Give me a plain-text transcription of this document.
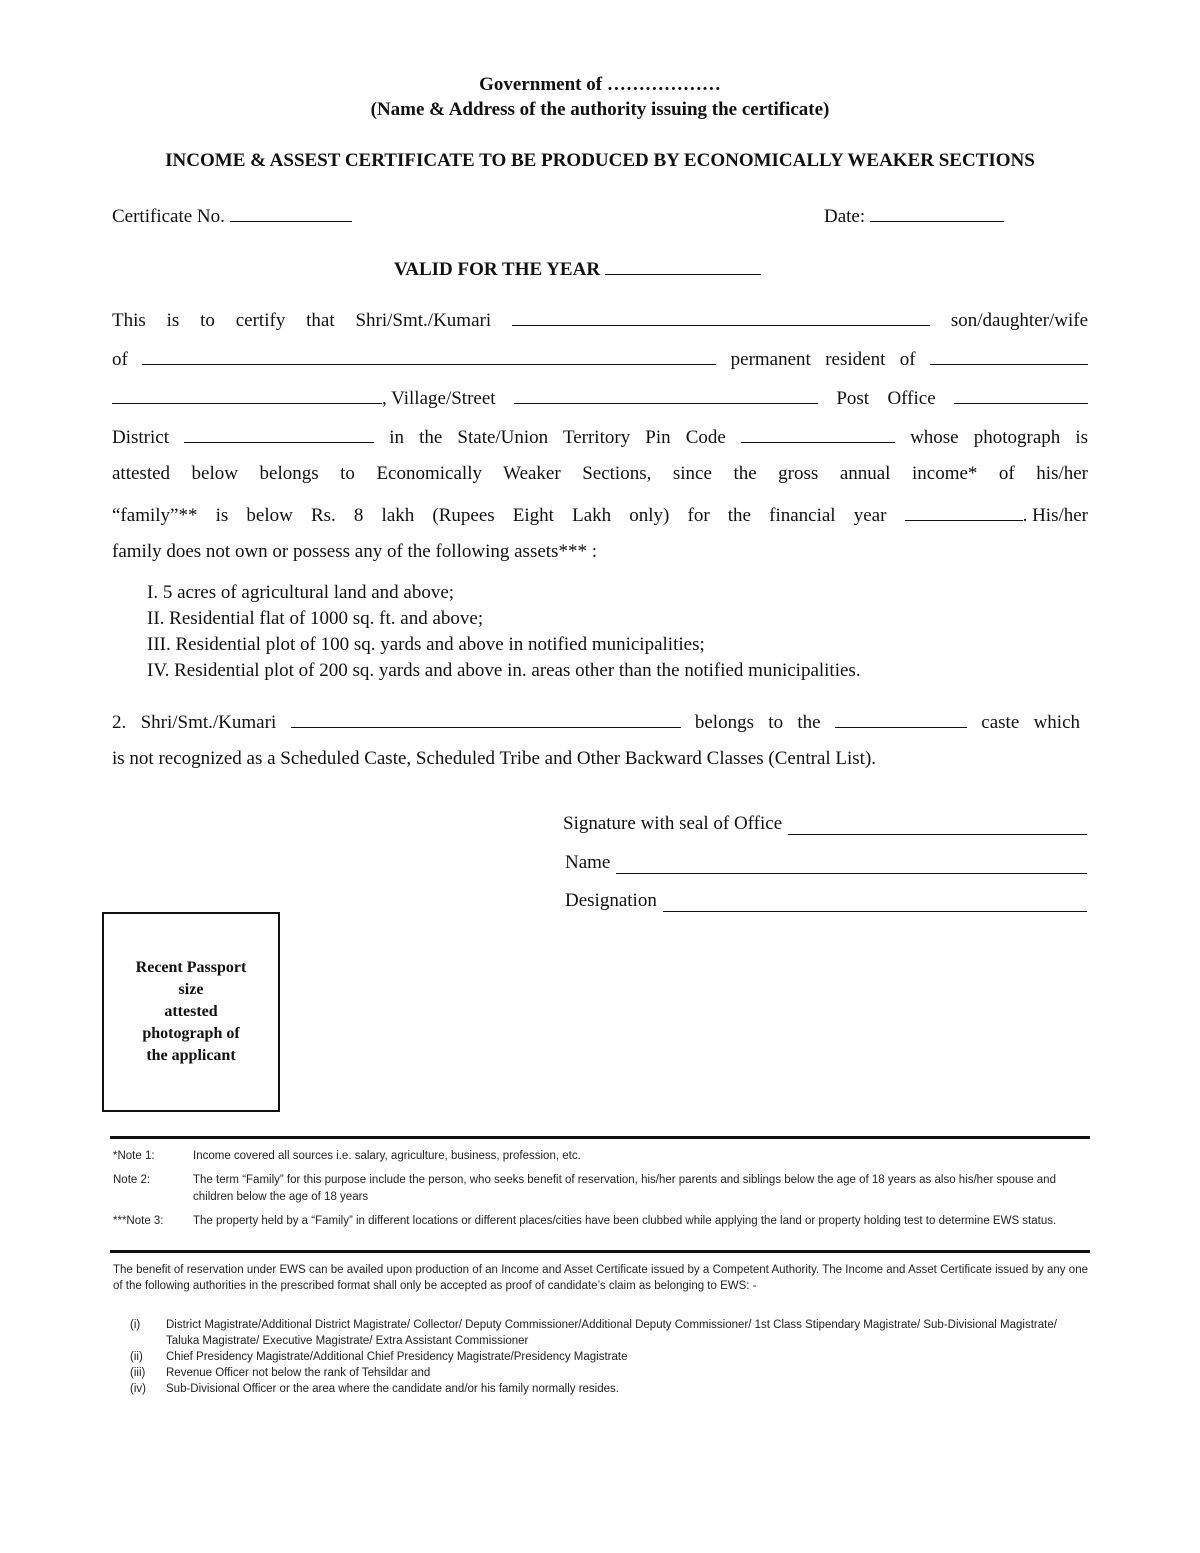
Government of ………………
(Name & Address of the authority issuing the certificate)
INCOME & ASSEST CERTIFICATE TO BE PRODUCED BY ECONOMICALLY WEAKER SECTIONS
Certificate No.	Date:
VALID FOR THE YEAR
This is to certify that Shri/Smt./Kumari	son/daughter/wife
of	permanent resident of
, Village/Street	Post Office
District	in the State/Union Territory Pin Code	whose photograph is
attested below belongs to Economically Weaker Sections, since the gross annual income* of his/her
“family”** is below Rs. 8 lakh (Rupees Eight Lakh only) for the financial year	. His/her
family does not own or possess any of the following assets*** :
I. 5 acres of agricultural land and above;
II. Residential flat of 1000 sq. ft. and above;
III. Residential plot of 100 sq. yards and above in notified municipalities;
IV. Residential plot of 200 sq. yards and above in. areas other than the notified municipalities.
2. Shri/Smt./Kumari	belongs to the	caste which
is not recognized as a Scheduled Caste, Scheduled Tribe and Other Backward Classes (Central List).
Signature with seal of Office
Name
Designation
Recent Passport
size
attested
photograph of
the applicant
*Note 1:	Income covered all sources i.e. salary, agriculture, business, profession, etc.
Note 2:	The term “Family” for this purpose include the person, who seeks benefit of reservation, his/her parents and siblings below the age of 18 years as also his/her spouse and children below the age of 18 years
***Note 3:	The property held by a “Family” in different locations or different places/cities have been clubbed while applying the land or property holding test to determine EWS status.
The benefit of reservation under EWS can be availed upon production of an Income and Asset Certificate issued by a Competent Authority. The Income and Asset Certificate issued by any one of the following authorities in the prescribed format shall only be accepted as proof of candidate’s claim as belonging to EWS: -
(i)	District Magistrate/Additional District Magistrate/ Collector/ Deputy Commissioner/Additional Deputy Commissioner/ 1st Class Stipendary Magistrate/ Sub-Divisional Magistrate/ Taluka Magistrate/ Executive Magistrate/ Extra Assistant Commissioner
(ii)	Chief Presidency Magistrate/Additional Chief Presidency Magistrate/Presidency Magistrate
(iii)	Revenue Officer not below the rank of Tehsildar and
(iv)	Sub-Divisional Officer or the area where the candidate and/or his family normally resides.
